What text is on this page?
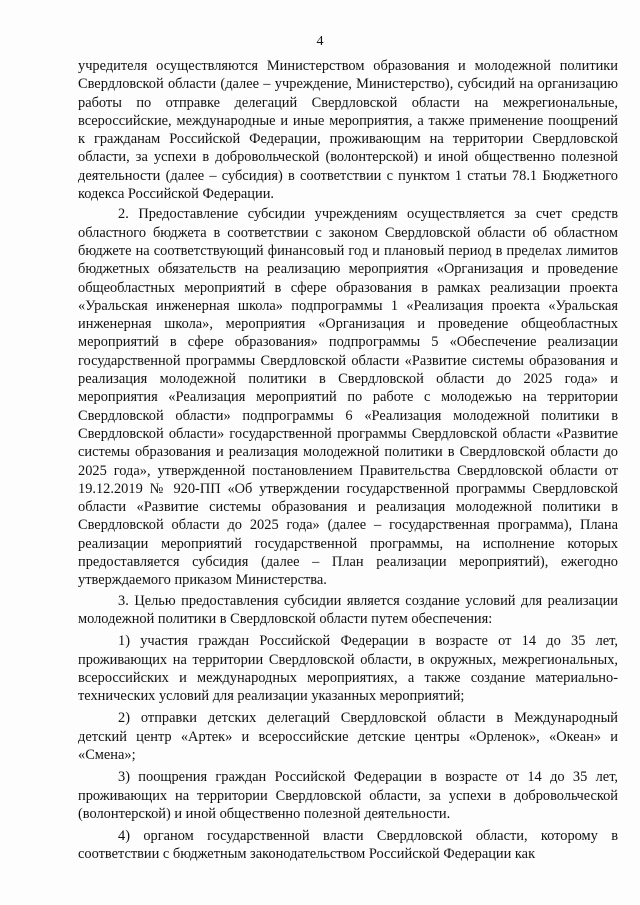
4

учредителя осуществляются Министерством образования и молодежной политики Свердловской области (далее – учреждение, Министерство), субсидий на организацию работы по отправке делегаций Свердловской области на межрегиональные, всероссийские, международные и иные мероприятия, а также применение поощрений к гражданам Российской Федерации, проживающим на территории Свердловской области, за успехи в добровольческой (волонтерской) и иной общественно полезной деятельности (далее – субсидия) в соответствии с пунктом 1 статьи 78.1 Бюджетного кодекса Российской Федерации.

2. Предоставление субсидии учреждениям осуществляется за счет средств областного бюджета в соответствии с законом Свердловской области об областном бюджете на соответствующий финансовый год и плановый период в пределах лимитов бюджетных обязательств на реализацию мероприятия «Организация и проведение общеобластных мероприятий в сфере образования в рамках реализации проекта «Уральская инженерная школа» подпрограммы 1 «Реализация проекта «Уральская инженерная школа», мероприятия «Организация и проведение общеобластных мероприятий в сфере образования» подпрограммы 5 «Обеспечение реализации государственной программы Свердловской области «Развитие системы образования и реализация молодежной политики в Свердловской области до 2025 года» и мероприятия «Реализация мероприятий по работе с молодежью на территории Свердловской области» подпрограммы 6 «Реализация молодежной политики в Свердловской области» государственной программы Свердловской области «Развитие системы образования и реализация молодежной политики в Свердловской области до 2025 года», утвержденной постановлением Правительства Свердловской области от 19.12.2019 № 920-ПП «Об утверждении государственной программы Свердловской области «Развитие системы образования и реализация молодежной политики в Свердловской области до 2025 года» (далее – государственная программа), Плана реализации мероприятий государственной программы, на исполнение которых предоставляется субсидия (далее – План реализации мероприятий), ежегодно утверждаемого приказом Министерства.

3. Целью предоставления субсидии является создание условий для реализации молодежной политики в Свердловской области путем обеспечения:

1) участия граждан Российской Федерации в возрасте от 14 до 35 лет, проживающих на территории Свердловской области, в окружных, межрегиональных, всероссийских и международных мероприятиях, а также создание материально-технических условий для реализации указанных мероприятий;

2) отправки детских делегаций Свердловской области в Международный детский центр «Артек» и всероссийские детские центры «Орленок», «Океан» и «Смена»;

3) поощрения граждан Российской Федерации в возрасте от 14 до 35 лет, проживающих на территории Свердловской области, за успехи в добровольческой (волонтерской) и иной общественно полезной деятельности.

4) органом государственной власти Свердловской области, которому в соответствии с бюджетным законодательством Российской Федерации как
